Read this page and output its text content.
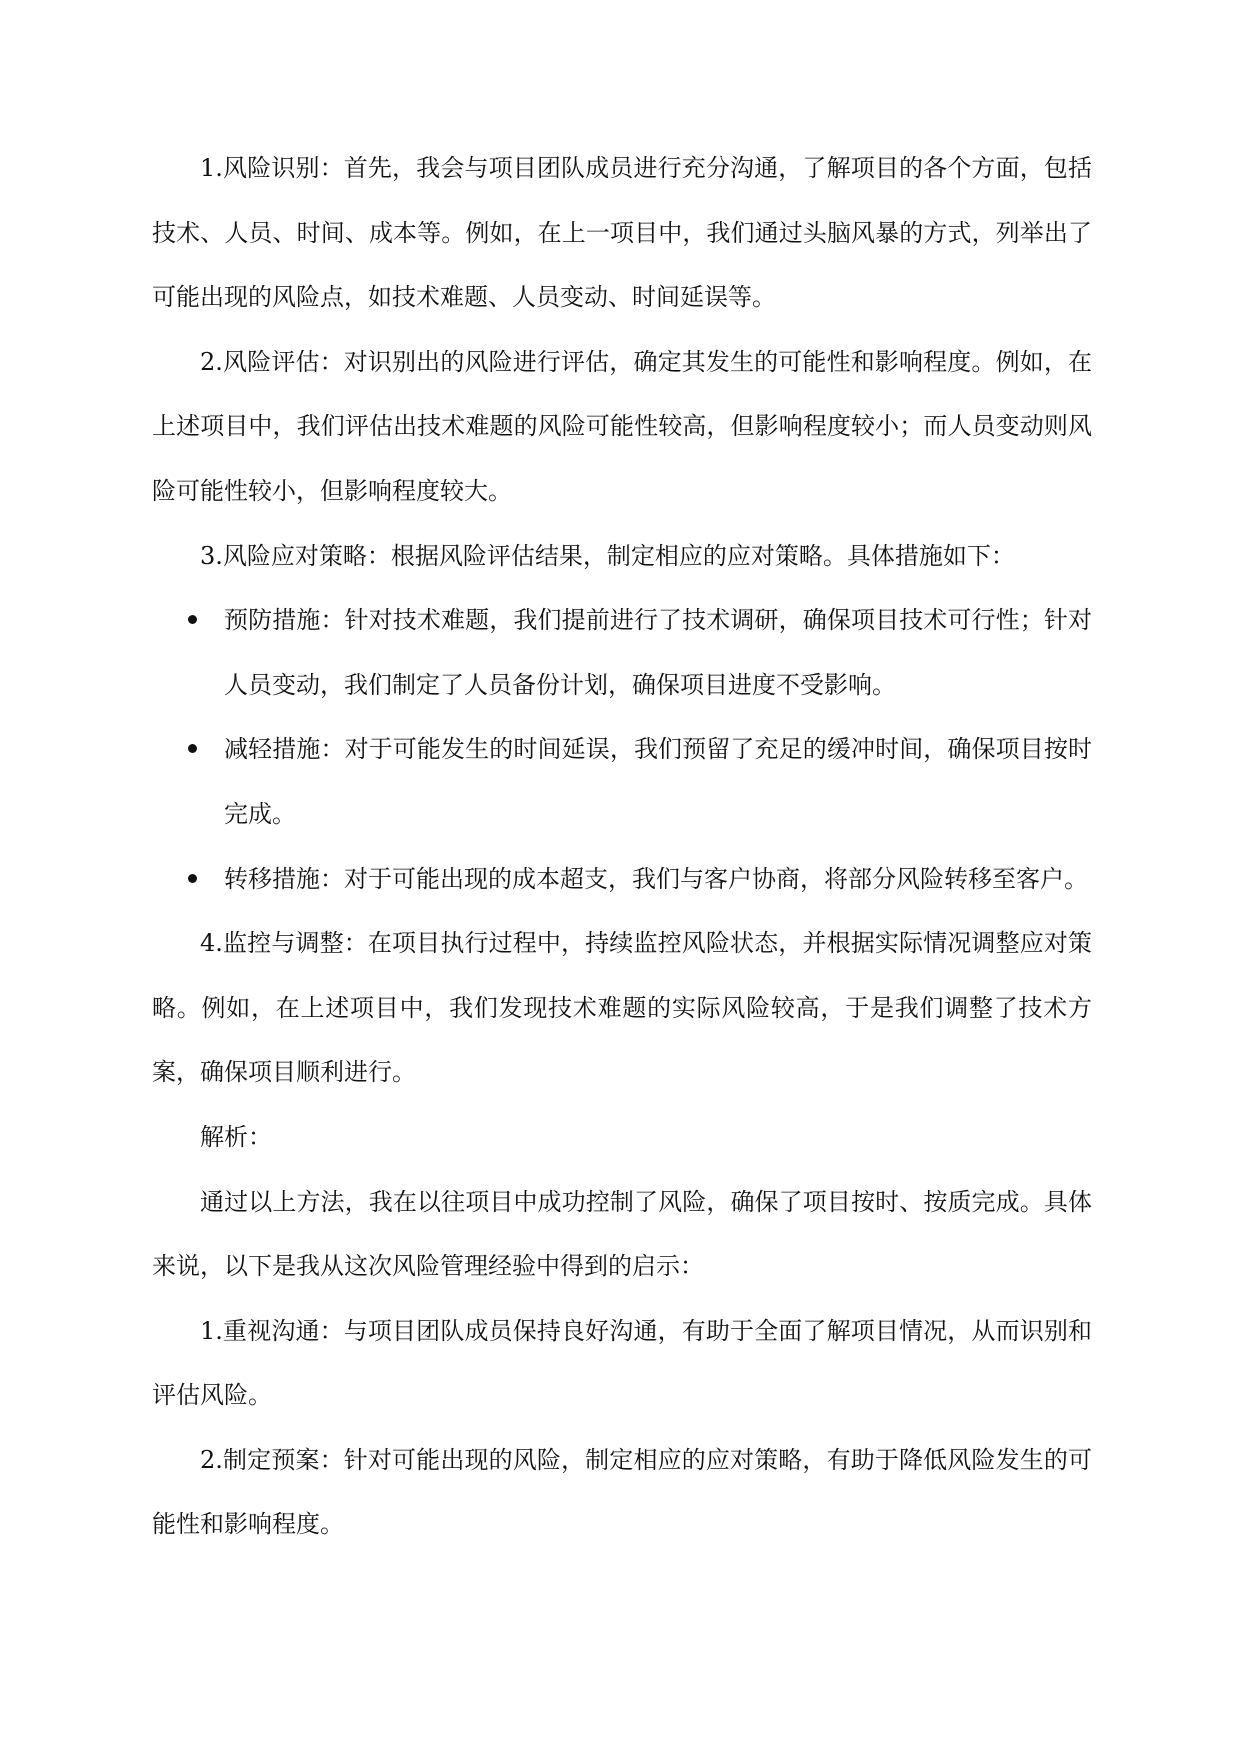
1.风险识别：首先，我会与项目团队成员进行充分沟通，了解项目的各个方面，包括技术、人员、时间、成本等。例如，在上一项目中，我们通过头脑风暴的方式，列举出了可能出现的风险点，如技术难题、人员变动、时间延误等。

2.风险评估：对识别出的风险进行评估，确定其发生的可能性和影响程度。例如，在上述项目中，我们评估出技术难题的风险可能性较高，但影响程度较小；而人员变动则风险可能性较小，但影响程度较大。

3.风险应对策略：根据风险评估结果，制定相应的应对策略。具体措施如下：

预防措施：针对技术难题，我们提前进行了技术调研，确保项目技术可行性；针对人员变动，我们制定了人员备份计划，确保项目进度不受影响。
减轻措施：对于可能发生的时间延误，我们预留了充足的缓冲时间，确保项目按时完成。
转移措施：对于可能出现的成本超支，我们与客户协商，将部分风险转移至客户。

4.监控与调整：在项目执行过程中，持续监控风险状态，并根据实际情况调整应对策略。例如，在上述项目中，我们发现技术难题的实际风险较高，于是我们调整了技术方案，确保项目顺利进行。

解析：

通过以上方法，我在以往项目中成功控制了风险，确保了项目按时、按质完成。具体来说，以下是我从这次风险管理经验中得到的启示：

1.重视沟通：与项目团队成员保持良好沟通，有助于全面了解项目情况，从而识别和评估风险。

2.制定预案：针对可能出现的风险，制定相应的应对策略，有助于降低风险发生的可能性和影响程度。
